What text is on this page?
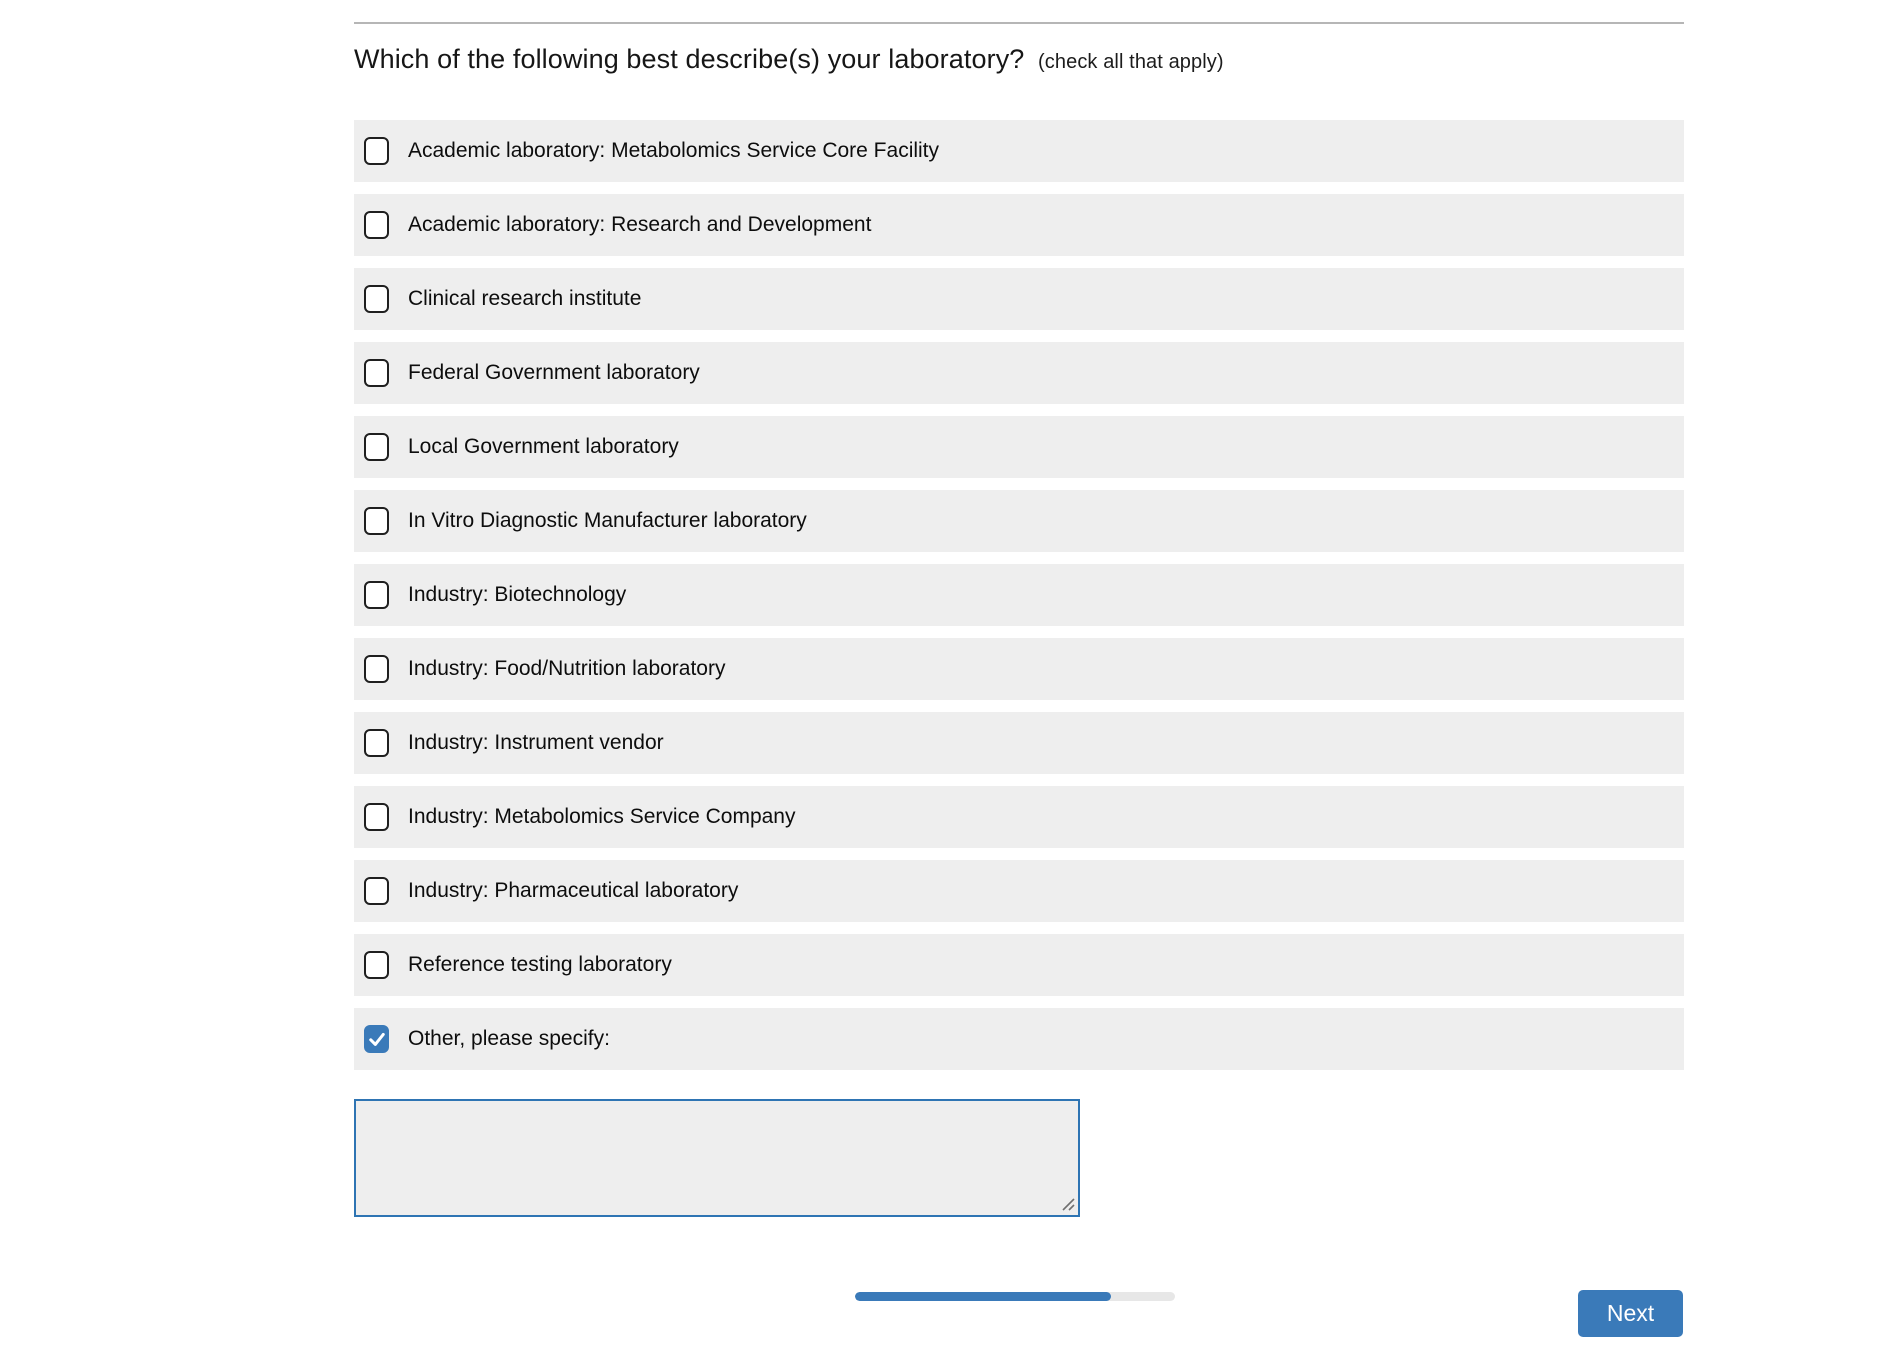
Which of the following best describe(s) your laboratory? (check all that apply)
Academic laboratory: Metabolomics Service Core Facility
Academic laboratory: Research and Development
Clinical research institute
Federal Government laboratory
Local Government laboratory
In Vitro Diagnostic Manufacturer laboratory
Industry: Biotechnology
Industry: Food/Nutrition laboratory
Industry: Instrument vendor
Industry: Metabolomics Service Company
Industry: Pharmaceutical laboratory
Reference testing laboratory
Other, please specify:
Next
